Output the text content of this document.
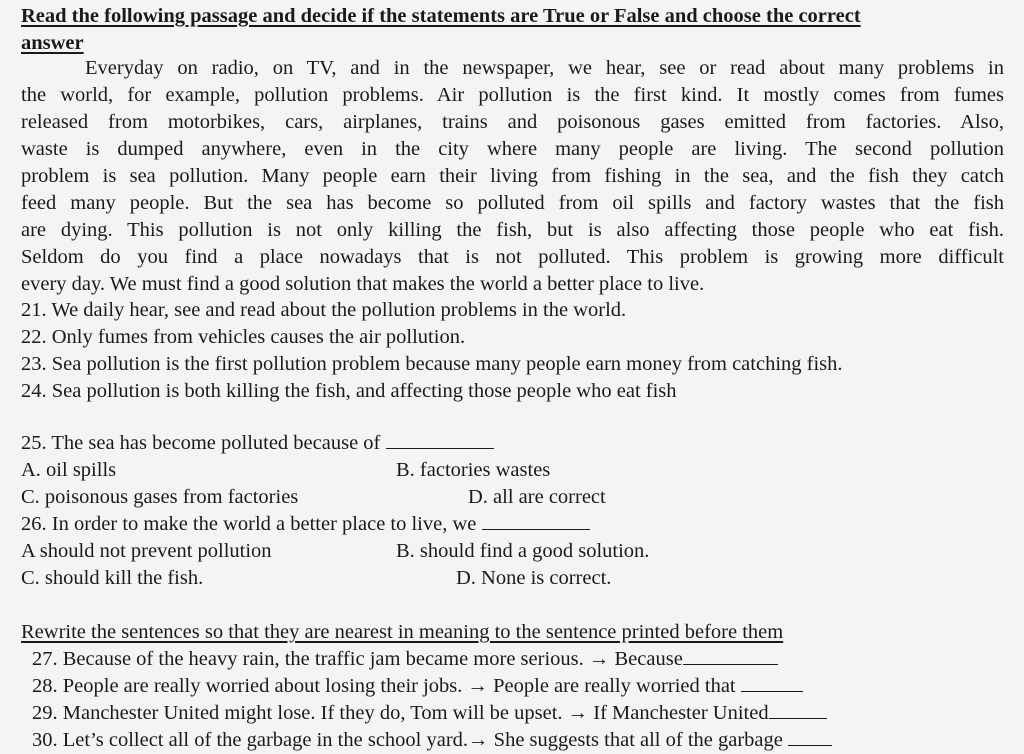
Read the following passage and decide if the statements are True or False and choose the correct
answer
Everyday on radio, on TV, and in the newspaper, we hear, see or read about many problems in
the world, for example, pollution problems. Air pollution is the first kind. It mostly comes from fumes
released from motorbikes, cars, airplanes, trains and poisonous gases emitted from factories. Also,
waste is dumped anywhere, even in the city where many people are living. The second pollution
problem is sea pollution. Many people earn their living from fishing in the sea, and the fish they catch
feed many people. But the sea has become so polluted from oil spills and factory wastes that the fish
are dying. This pollution is not only killing the fish, but is also affecting those people who eat fish.
Seldom do you find a place nowadays that is not polluted. This problem is growing more difficult
every day. We must find a good solution that makes the world a better place to live.
21. We daily hear, see and read about the pollution problems in the world.
22. Only fumes from vehicles causes the air pollution.
23. Sea pollution is the first pollution problem because many people earn money from catching fish.
24. Sea pollution is both killing the fish, and affecting those people who eat fish
25. The sea has become polluted because of
A. oil spills	B. factories wastes
C. poisonous gases from factories	D. all are correct
26. In order to make the world a better place to live, we
A should not prevent pollution	B. should find a good solution.
C. should kill the fish.	D. None is correct.
Rewrite the sentences so that they are nearest in meaning to the sentence printed before them
27. Because of the heavy rain, the traffic jam became more serious. → Because
28. People are really worried about losing their jobs. → People are really worried that
29. Manchester United might lose. If they do, Tom will be upset. → If Manchester United
30. Let’s collect all of the garbage in the school yard.→ She suggests that all of the garbage
